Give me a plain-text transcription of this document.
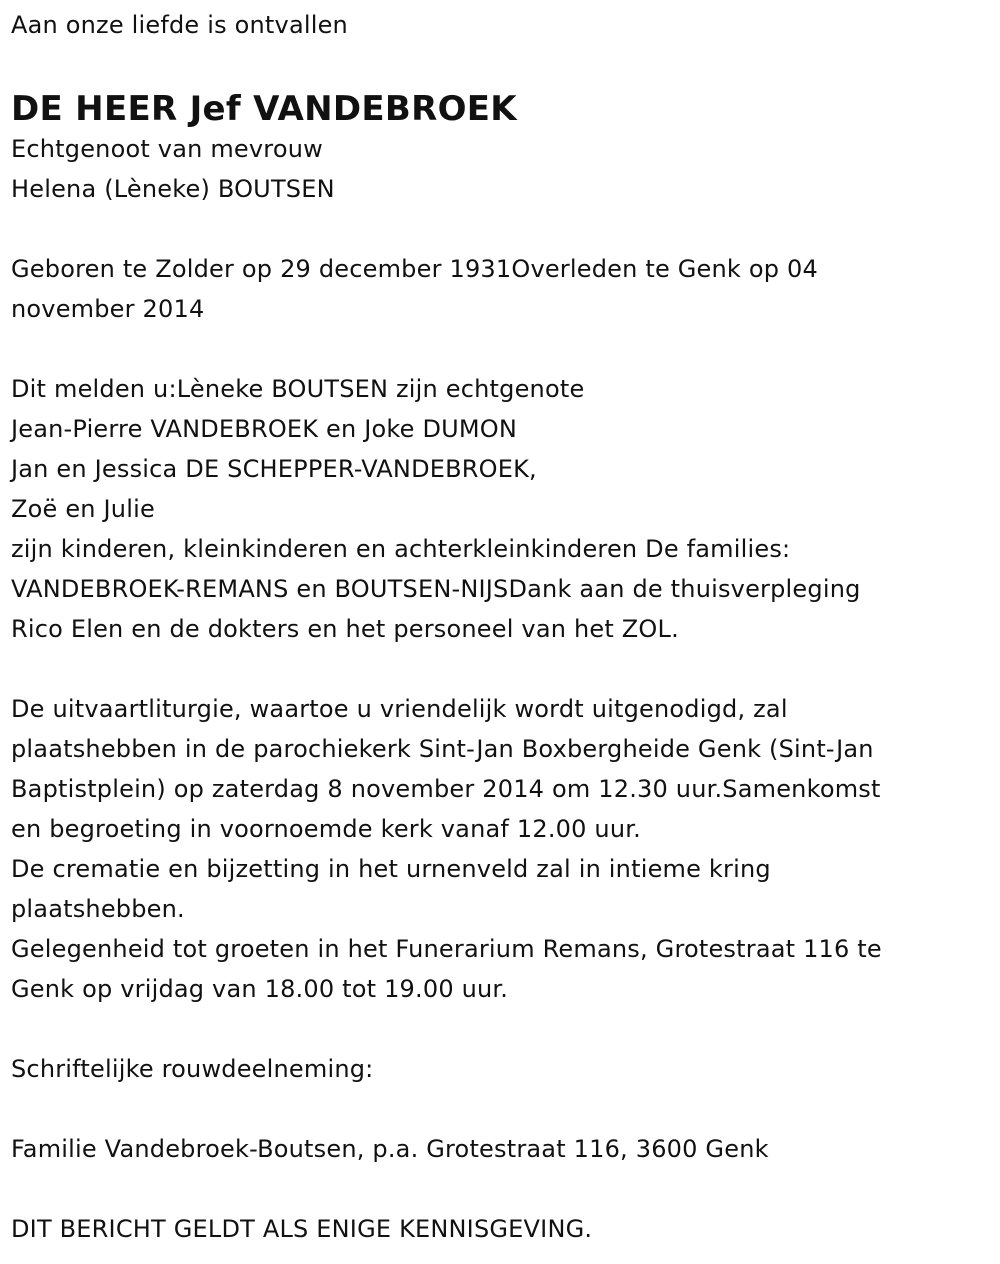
Aan onze liefde is ontvallen
DE HEER Jef VANDEBROEK
Echtgenoot van mevrouw
Helena (Lèneke) BOUTSEN
Geboren te Zolder op 29 december 1931Overleden te Genk op 04
november 2014
Dit melden u:Lèneke BOUTSEN zijn echtgenote
Jean-Pierre VANDEBROEK en Joke DUMON
Jan en Jessica DE SCHEPPER-VANDEBROEK,
Zoë en Julie
zijn kinderen, kleinkinderen en achterkleinkinderen De families:
VANDEBROEK-REMANS en BOUTSEN-NIJSDank aan de thuisverpleging
Rico Elen en de dokters en het personeel van het ZOL.
De uitvaartliturgie, waartoe u vriendelijk wordt uitgenodigd, zal
plaatshebben in de parochiekerk Sint-Jan Boxbergheide Genk (Sint-Jan
Baptistplein) op zaterdag 8 november 2014 om 12.30 uur.Samenkomst
en begroeting in voornoemde kerk vanaf 12.00 uur.
De crematie en bijzetting in het urnenveld zal in intieme kring
plaatshebben.
Gelegenheid tot groeten in het Funerarium Remans, Grotestraat 116 te
Genk op vrijdag van 18.00 tot 19.00 uur.
Schriftelijke rouwdeelneming:
Familie Vandebroek-Boutsen, p.a. Grotestraat 116, 3600 Genk
DIT BERICHT GELDT ALS ENIGE KENNISGEVING.
